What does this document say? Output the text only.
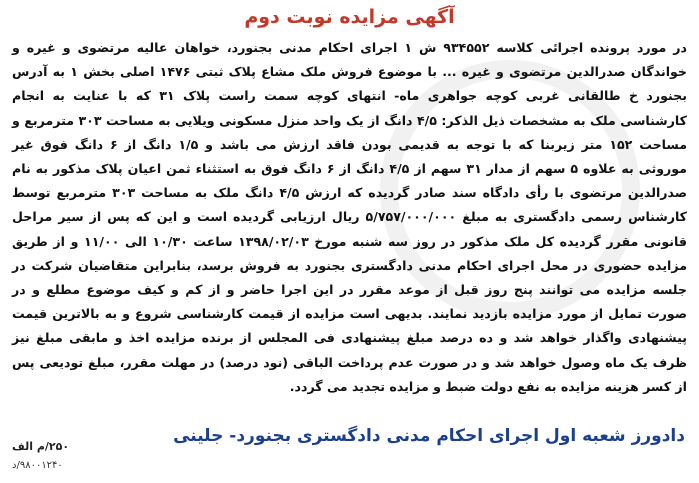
آگهی مزایده نوبت دوم
در مورد پرونده اجرائی کلاسه ۹۳۴۵۵۲ ش ۱ اجرای احکام مدنی بجنورد، خواهان عالیه مرتضوی و غیره و خواندگان صدرالدین مرتضوی و غیره ... با موضوع فروش ملک مشاع پلاک ثبتی ۱۴۷۶ اصلی بخش ۱ به آدرس بجنورد خ طالقانی غربی کوچه جواهری ماه- انتهای کوچه سمت راست پلاک ۳۱ که با عنایت به انجام کارشناسی ملک به مشخصات ذیل الذکر: ۴/۵ دانگ از یک واحد منزل مسکونی ویلایی به مساحت ۳۰۳ مترمربع و مساحت ۱۵۲ متر زیربنا که با توجه به قدیمی بودن فاقد ارزش می باشد و ۱/۵ دانگ از ۶ دانگ فوق غیر موروثی به علاوه ۵ سهم از مدار ۳۱ سهم از ۴/۵ دانگ از ۶ دانگ فوق به استثناء ثمن اعیان پلاک مذکور به نام صدرالدین مرتضوی با رأی دادگاه سند صادر گردیده که ارزش ۴/۵ دانگ ملک به مساحت ۳۰۳ مترمربع توسط کارشناس رسمی دادگستری به مبلغ ۵/۷۵۷/۰۰۰/۰۰۰ ریال ارزیابی گردیده است و این که پس از سیر مراحل قانونی مقرر گردیده کل ملک مذکور در روز سه شنبه مورخ ۱۳۹۸/۰۲/۰۳ ساعت ۱۰/۳۰ الی ۱۱/۰۰ و از طریق مزایده حضوری در محل اجرای احکام مدنی دادگستری بجنورد به فروش برسد، بنابراین متقاضیان شرکت در جلسه مزایده می توانند پنج روز قبل از موعد مقرر در این اجرا حاضر و از کم و کیف موضوع مطلع و در صورت تمایل از مورد مزایده بازدید نمایند. بدیهی است مزایده از قیمت کارشناسی شروع و به بالاترین قیمت پیشنهادی واگذار خواهد شد و ده درصد مبلغ پیشنهادی فی المجلس از برنده مزایده اخذ و مابقی مبلغ نیز ظرف یک ماه وصول خواهد شد و در صورت عدم پرداخت الباقی (نود درصد) در مهلت مقرر، مبلغ تودیعی پس از کسر هزینه مزایده به نفع دولت ضبط و مزایده تجدید می گردد.
دادورز شعبه اول اجرای احکام مدنی دادگستری بجنورد- جلینی
۲۵۰/م الف
۹۸۰۰۱۲۴۰/د
